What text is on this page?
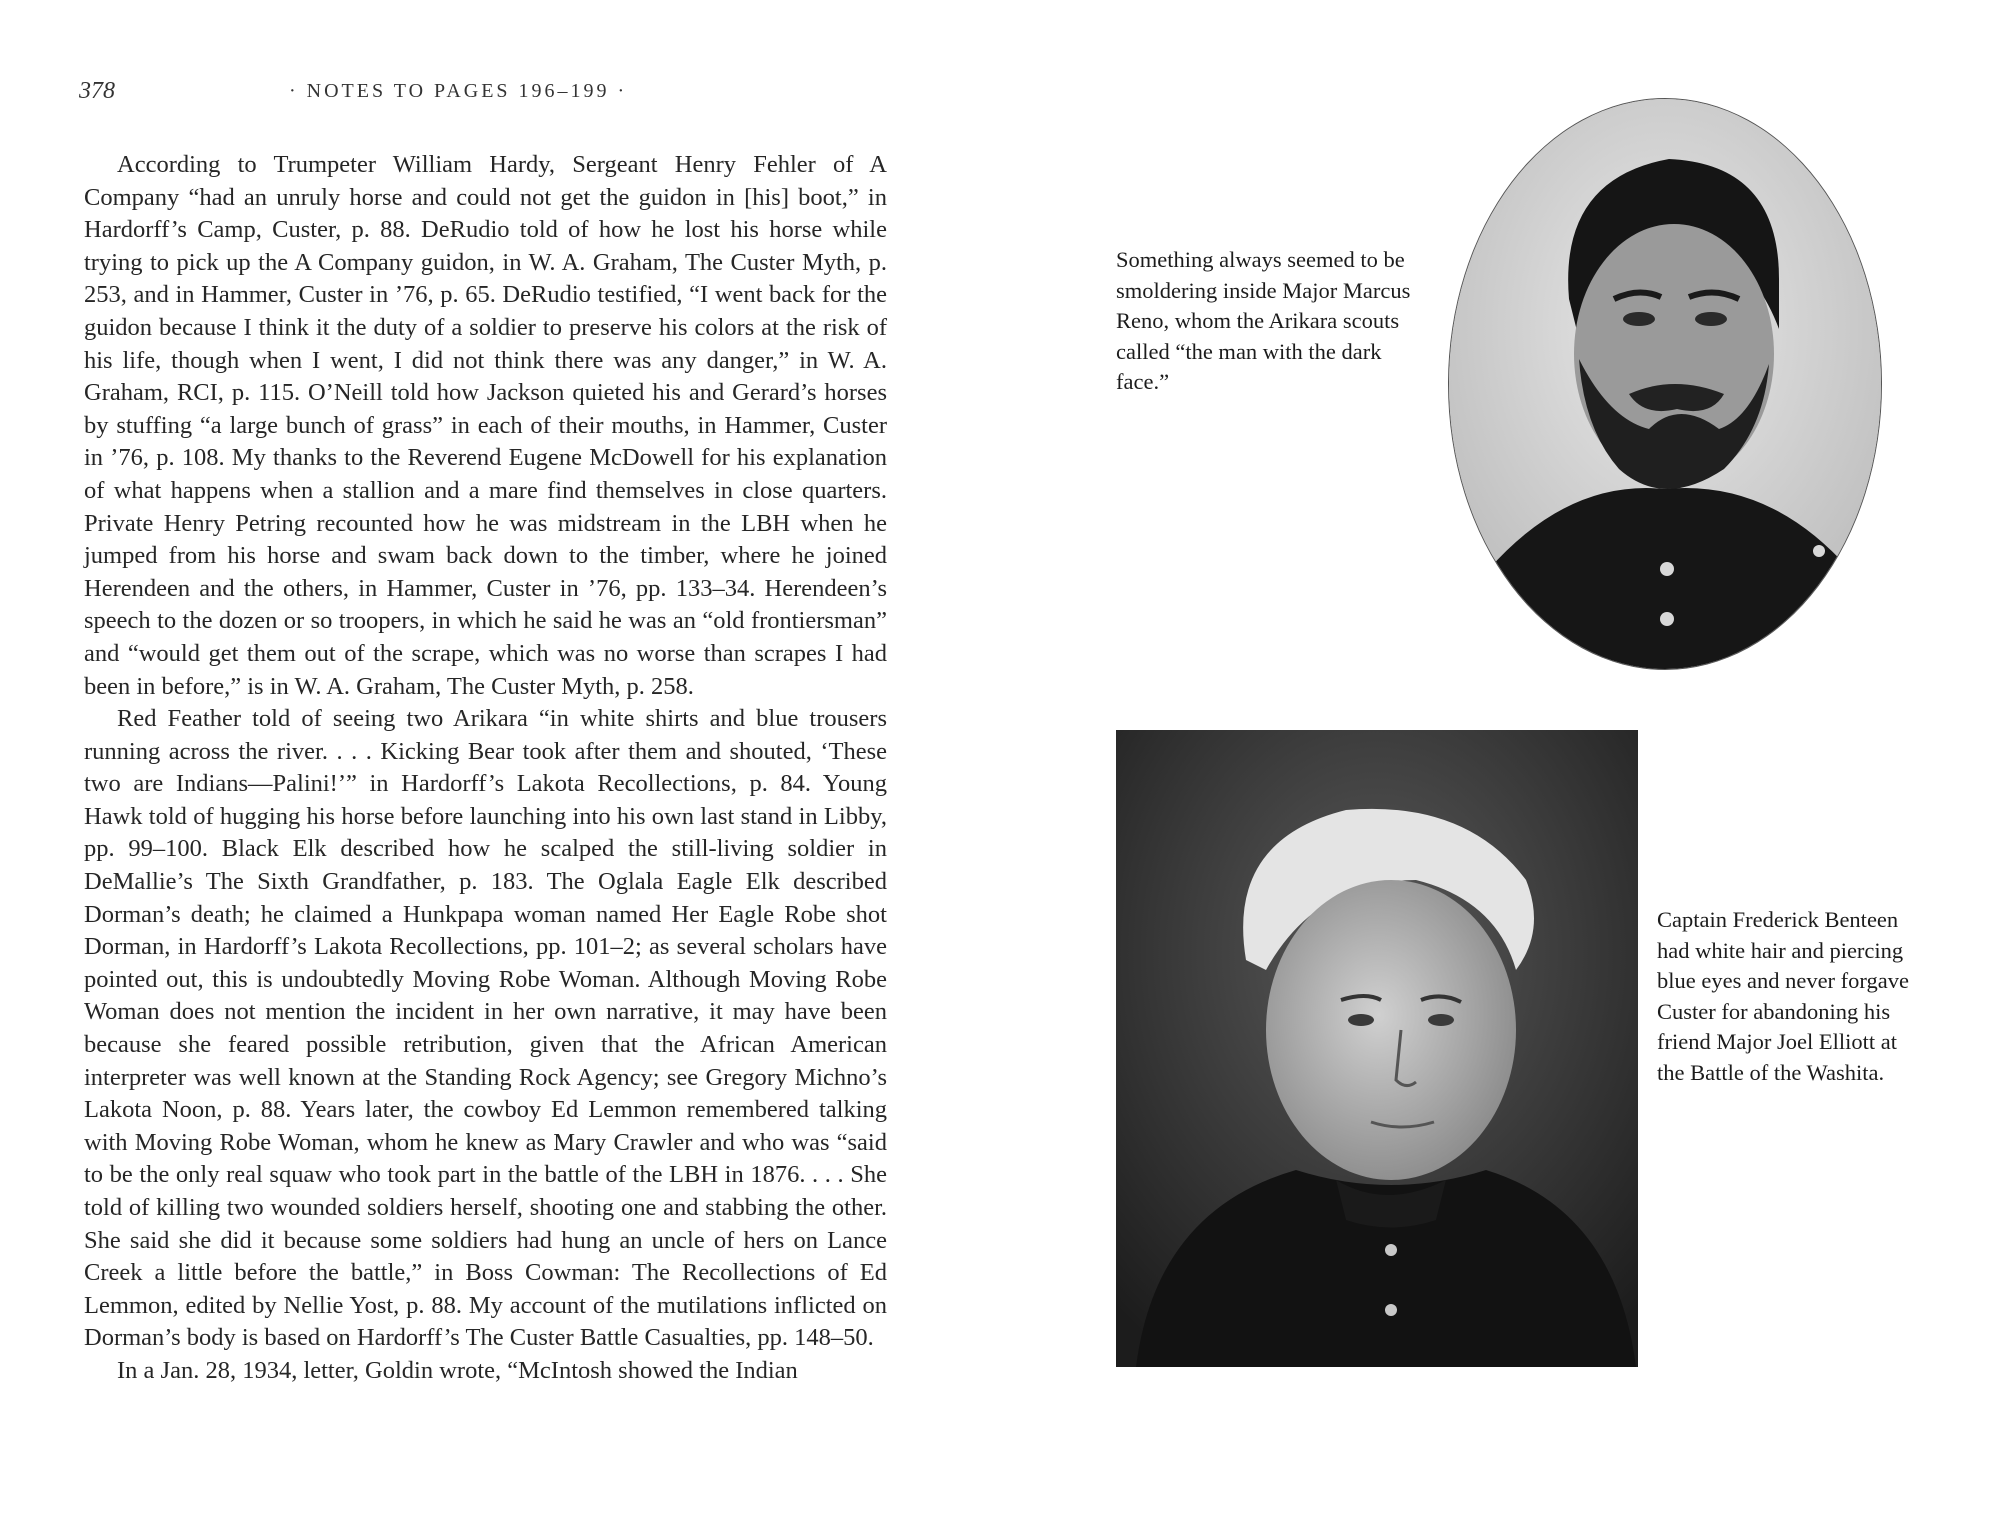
378	· NOTES TO PAGES 196–199 ·

According to Trumpeter William Hardy, Sergeant Henry Fehler of A Company “had an unruly horse and could not get the guidon in [his] boot,” in Hardorff’s Camp, Custer, p. 88. DeRudio told of how he lost his horse while trying to pick up the A Company guidon, in W. A. Graham, The Custer Myth, p. 253, and in Hammer, Custer in ’76, p. 65. DeRudio testified, “I went back for the guidon because I think it the duty of a soldier to preserve his colors at the risk of his life, though when I went, I did not think there was any danger,” in W. A. Graham, RCI, p. 115. O’Neill told how Jackson quieted his and Gerard’s horses by stuffing “a large bunch of grass” in each of their mouths, in Hammer, Custer in ’76, p. 108. My thanks to the Reverend Eugene McDowell for his explanation of what happens when a stallion and a mare find themselves in close quarters. Private Henry Petring recounted how he was midstream in the LBH when he jumped from his horse and swam back down to the timber, where he joined Herendeen and the others, in Hammer, Custer in ’76, pp. 133–34. Herendeen’s speech to the dozen or so troopers, in which he said he was an “old frontiersman” and “would get them out of the scrape, which was no worse than scrapes I had been in before,” is in W. A. Graham, The Custer Myth, p. 258.

Red Feather told of seeing two Arikara “in white shirts and blue trousers running across the river. . . . Kicking Bear took after them and shouted, ‘These two are Indians—Palini!’” in Hardorff’s Lakota Recollections, p. 84. Young Hawk told of hugging his horse before launching into his own last stand in Libby, pp. 99–100. Black Elk described how he scalped the still-living soldier in DeMallie’s The Sixth Grandfather, p. 183. The Oglala Eagle Elk described Dorman’s death; he claimed a Hunkpapa woman named Her Eagle Robe shot Dorman, in Hardorff’s Lakota Recollections, pp. 101–2; as several scholars have pointed out, this is undoubtedly Moving Robe Woman. Although Moving Robe Woman does not mention the incident in her own narrative, it may have been because she feared possible retribution, given that the African American interpreter was well known at the Standing Rock Agency; see Gregory Michno’s Lakota Noon, p. 88. Years later, the cowboy Ed Lemmon remembered talking with Moving Robe Woman, whom he knew as Mary Crawler and who was “said to be the only real squaw who took part in the battle of the LBH in 1876. . . . She told of killing two wounded soldiers herself, shooting one and stabbing the other. She said she did it because some soldiers had hung an uncle of hers on Lance Creek a little before the battle,” in Boss Cowman: The Recollections of Ed Lemmon, edited by Nellie Yost, p. 88. My account of the mutilations inflicted on Dorman’s body is based on Hardorff’s The Custer Battle Casualties, pp. 148–50.

In a Jan. 28, 1934, letter, Goldin wrote, “McIntosh showed the Indian

Something always seemed to be smoldering inside Major Marcus Reno, whom the Arikara scouts called “the man with the dark face.”
Captain Frederick Benteen had white hair and piercing blue eyes and never forgave Custer for abandoning his friend Major Joel Elliott at the Battle of the Washita.
